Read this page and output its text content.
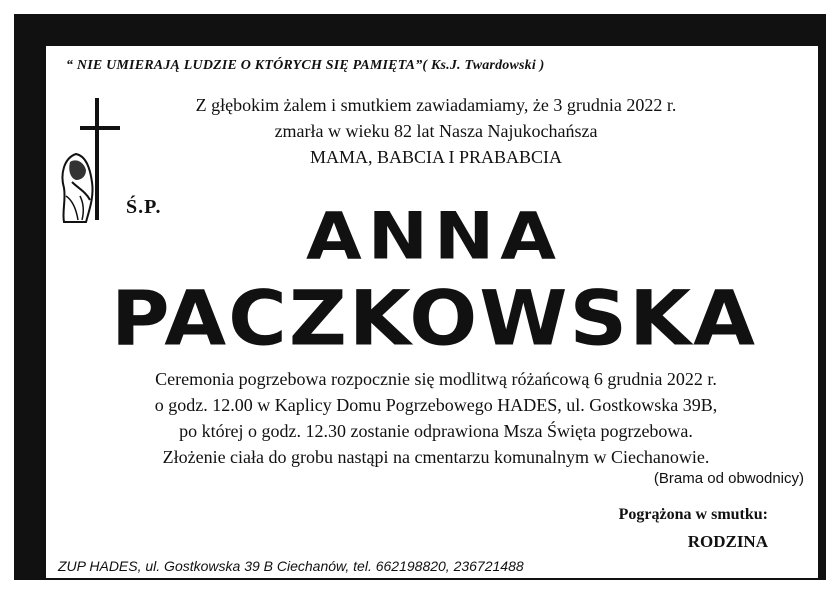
“ NIE UMIERAJĄ LUDZIE O KTÓRYCH SIĘ PAMIĘTA”( Ks.J. Twardowski )
Z głębokim żalem i smutkiem zawiadamiamy, że 3 grudnia 2022 r.
zmarła w wieku 82 lat Nasza Najukochańsza
MAMA, BABCIA I PRABABCIA
Ś.P.	ANNA
PACZKOWSKA
Ceremonia pogrzebowa rozpocznie się modlitwą różańcową 6 grudnia 2022 r.
o godz. 12.00 w Kaplicy Domu Pogrzebowego HADES, ul. Gostkowska 39B,
po której o godz. 12.30 zostanie odprawiona Msza Święta pogrzebowa.
Złożenie ciała do grobu nastąpi na cmentarzu komunalnym w Ciechanowie.
(Brama od obwodnicy)
Pogrążona w smutku:
RODZINA
ZUP HADES, ul. Gostkowska 39 B Ciechanów, tel. 662198820, 236721488
